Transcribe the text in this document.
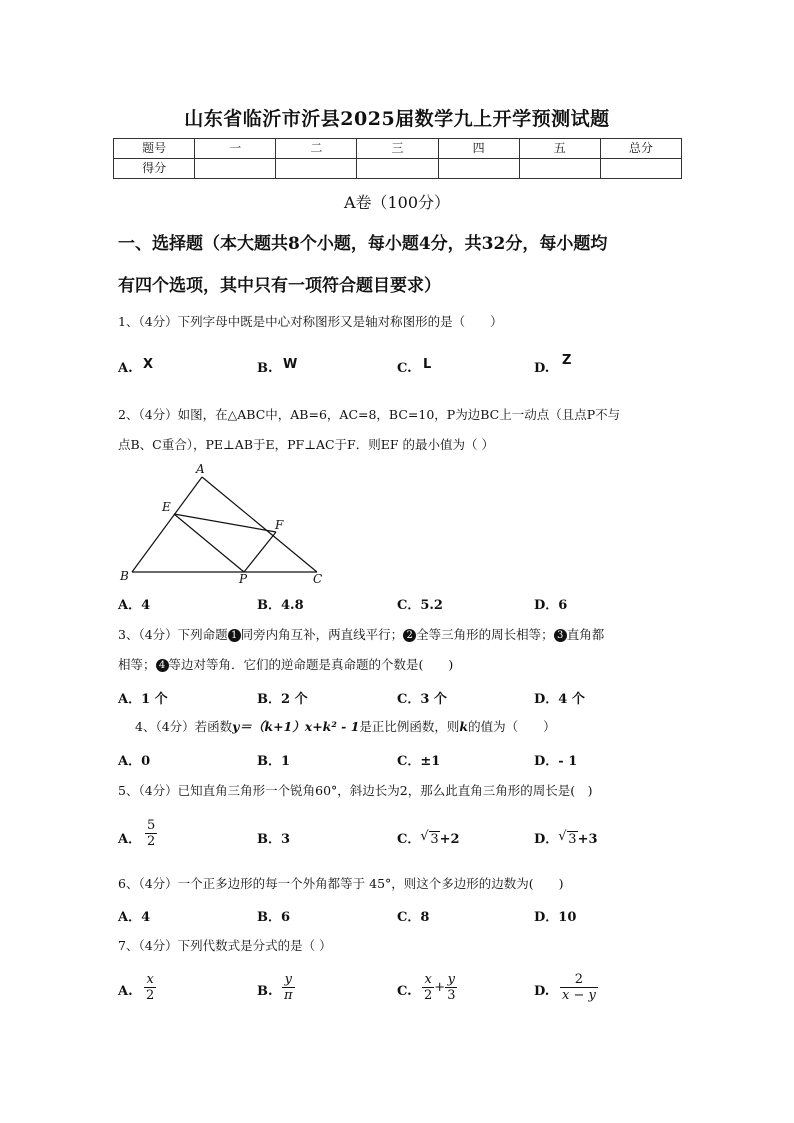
山东省临沂市沂县2025届数学九上开学预测试题
题号	一	二	三	四	五	总分
得分						
A卷（100分）
一、选择题（本大题共8个小题，每小题4分，共32分，每小题均
有四个选项，其中只有一项符合题目要求）
1、（4分）下列字母中既是中心对称图形又是轴对称图形的是（　　）
A. X	B. W	C. L	D.
Z
2、（4分）如图，在△ABC中，AB=6，AC=8，BC=10，P为边BC上一动点（且点P不与
点B、C重合），PE⊥AB于E，PF⊥AC于F．则EF 的最小值为（ ）
A
B	C
E
F
P
A．4	B．4.8	C．5.2	D．6
3、（4分）下列命题 1 同旁内角互补，两直线平行； 2 全等三角形的周长相等； 3 直角都
相等； 4 等边对等角．它们的逆命题是真命题的个数是(　　)
A．1 个	B．2 个	C．3 个	D．4 个
4、（4分）若函数y＝（k+1）x+k² - 1是正比例函数，则k的值为（　　）
A．0	B．1	C．±1	D．- 1
5、（4分）已知直角三角形一个锐角60°，斜边长为2，那么此直角三角形的周长是(　)
A． $\frac{5}{2}$	B．3	C． √ 3+2	D． √ 3+3
6、（4分）一个正多边形的每一个外角都等于 45°，则这个多边形的边数为(　　)
A．4	B．6	C．8	D．10
7、（4分）下列代数式是分式的是（ ）
A. $\frac{x}{2}$	B. $\frac{y}{\pi}$	C. $\frac{x}{2} + \frac{y}{3}$	D. $\frac{2}{x - y}$
